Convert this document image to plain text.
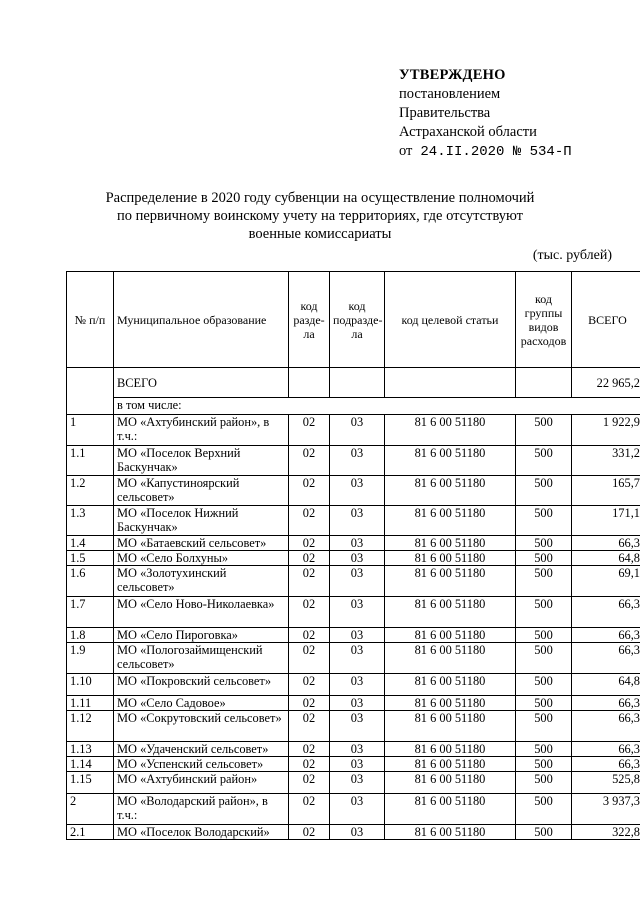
УТВЕРЖДЕНО
постановлением
Правительства
Астраханской области
от 24.II.2020 № 534-П
Распределение в 2020 году субвенции на осуществление полномочий по первичному воинскому учету на территориях, где отсутствуют военные комиссариаты
(тыс. рублей)
№ п/п	Муниципальное образование	код разде-ла	код подразде-ла	код целевой статьи	код группы видов расходов	ВСЕГО
	ВСЕГО					22 965,2
	в том числе:					
1	МО «Ахтубинский район», в т.ч.:	02	03	81 6 00 51180	500	1 922,9
1.1	МО «Поселок Верхний Баскунчак»	02	03	81 6 00 51180	500	331,2
1.2	МО «Капустиноярский сельсовет»	02	03	81 6 00 51180	500	165,7
1.3	МО «Поселок Нижний Баскунчак»	02	03	81 6 00 51180	500	171,1
1.4	МО «Батаевский сельсовет»	02	03	81 6 00 51180	500	66,3
1.5	МО «Село Болхуны»	02	03	81 6 00 51180	500	64,8
1.6	МО «Золотухинский сельсовет»	02	03	81 6 00 51180	500	69,1
1.7	МО «Село Ново-Николаевка»	02	03	81 6 00 51180	500	66,3
1.8	МО «Село Пироговка»	02	03	81 6 00 51180	500	66,3
1.9	МО «Пологозаймищенский сельсовет»	02	03	81 6 00 51180	500	66,3
1.10	МО «Покровский сельсовет»	02	03	81 6 00 51180	500	64,8
1.11	МО «Село Садовое»	02	03	81 6 00 51180	500	66,3
1.12	МО «Сокрутовский сельсовет»	02	03	81 6 00 51180	500	66,3
1.13	МО «Удаченский сельсовет»	02	03	81 6 00 51180	500	66,3
1.14	МО «Успенский сельсовет»	02	03	81 6 00 51180	500	66,3
1.15	МО «Ахтубинский район»	02	03	81 6 00 51180	500	525,8
2	МО «Володарский район», в т.ч.:	02	03	81 6 00 51180	500	3 937,3
2.1	МО «Поселок Володарский»	02	03	81 6 00 51180	500	322,8
